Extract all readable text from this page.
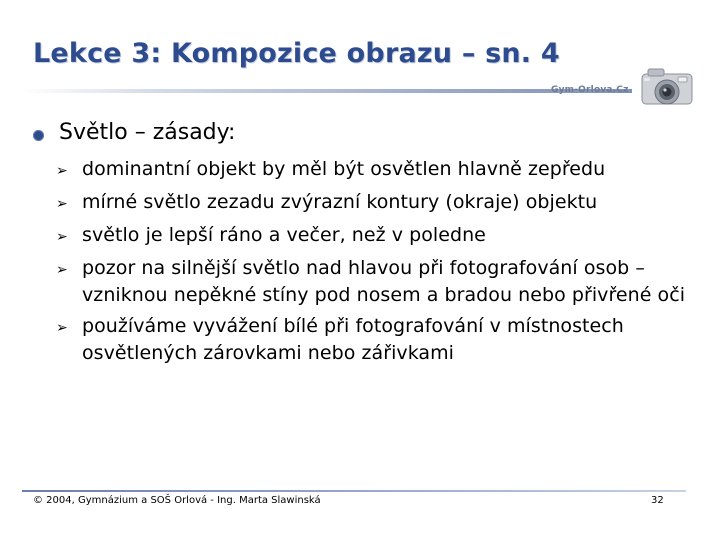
Lekce 3: Kompozice obrazu – sn. 4
Gym-Orlova.Cz
Světlo – zásady:
➢ dominantní objekt by měl být osvětlen hlavně zepředu
➢ mírné světlo zezadu zvýrazní kontury (okraje) objektu
➢ světlo je lepší ráno a večer, než v poledne
➢ pozor na silnější světlo nad hlavou při fotografování osob – vzniknou nepěkné stíny pod nosem a bradou nebo přivřené oči
➢ používáme vyvážení bílé při fotografování v místnostech osvětlených zárovkami nebo zářivkami
© 2004, Gymnázium a SOŠ Orlová - Ing. Marta Slawinská	32
